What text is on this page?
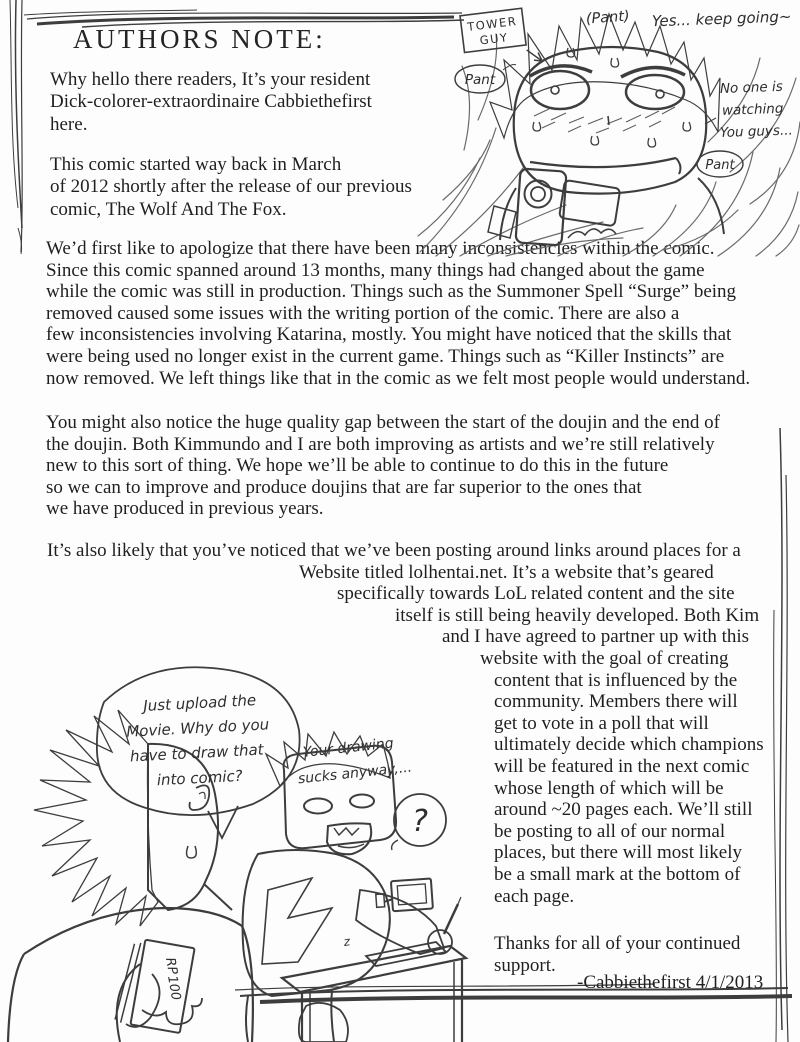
AUTHORS NOTE:
Why hello there readers, It’s your resident
Dick-colorer-extraordinaire Cabbiethefirst
here.
This comic started way back in March
of 2012 shortly after the release of our previous
comic, The Wolf And The Fox.
We’d first like to apologize that there have been many inconsistencies within the comic.
Since this comic spanned around 13 months, many things had changed about the game
while the comic was still in production. Things such as the Summoner Spell “Surge” being
removed caused some issues with the writing portion of the comic. There are also a
few inconsistencies involving Katarina, mostly. You might have noticed that the skills that
were being used no longer exist in the current game. Things such as “Killer Instincts” are
now removed. We left things like that in the comic as we felt most people would understand.
You might also notice the huge quality gap between the start of the doujin and the end of
the doujin. Both Kimmundo and I are both improving as artists and we’re still relatively
new to this sort of thing. We hope we’ll be able to continue to do this in the future
so we can to improve and produce doujins that are far superior to the ones that
we have produced in previous years.
It’s also likely that you’ve noticed that we’ve been posting around links around places for a
Website titled lolhentai.net. It’s a website that’s geared
specifically towards LoL related content and the site
itself is still being heavily developed. Both Kim
and I have agreed to partner up with this
website with the goal of creating
content that is influenced by the
community. Members there will
get to vote in a poll that will
ultimately decide which champions
will be featured in the next comic
whose length of which will be
around ~20 pages each. We’ll still
be posting to all of our normal
places, but there will most likely
be a small mark at the bottom of
each page.
Thanks for all of your continued
support.
-Cabbiethefirst 4/1/2013
TOWER
GUY
(Pant) Yes... keep going~
Pant	No one is
watching
You guys...
Pant
RP
100
Just upload the
Movie. Why do you
have to draw that
into comic?
Your drawing
sucks anyway,...
?
z
